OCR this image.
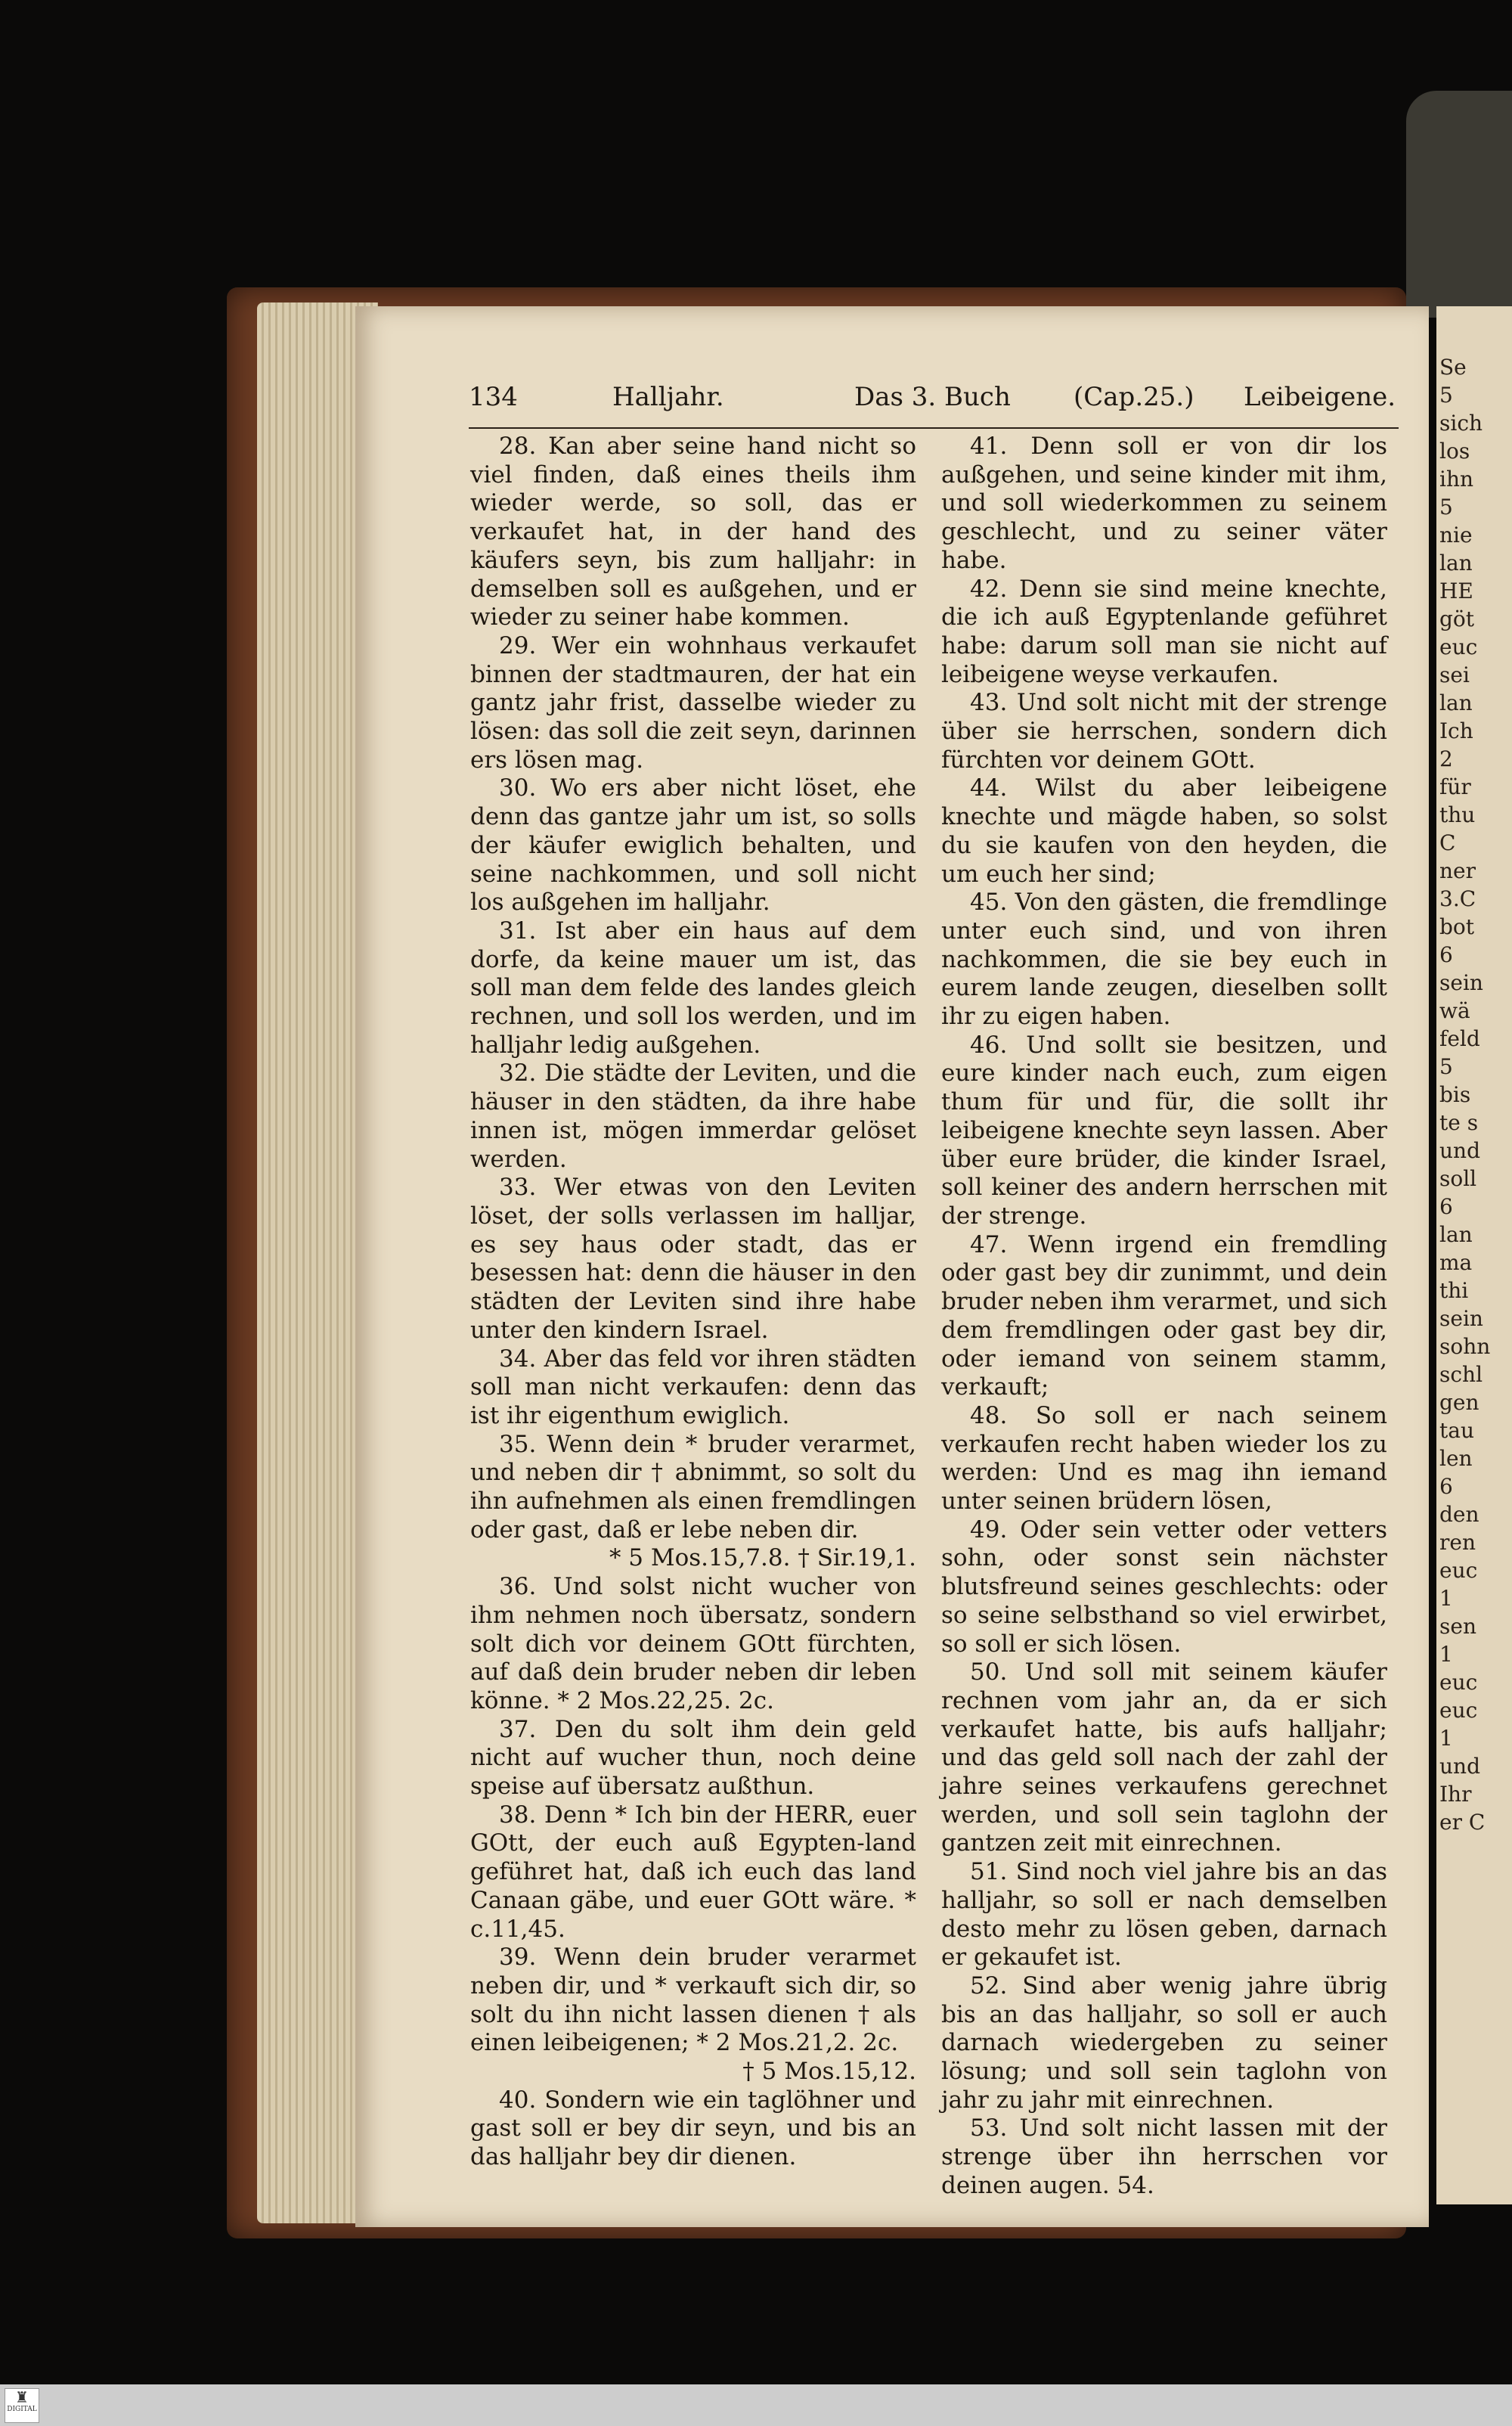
Se
5
sich
los
ihn
5
nie
lan
HE
göt
euc
sei
lan
Ich
2
für
thu
C
ner
3.C
bot
6
sein
wä
feld
5
bis
te s
und
soll
6
lan
ma
thi
sein
sohn
schl
gen
tau
len
6
den
ren
euc
1
sen
1
euc
euc
1
und
Ihr
er C
134	Halljahr.	Das 3. Buch (Cap.25.) Leibeigene.

28. Kan aber seine hand nicht so viel finden, daß eines theils ihm wieder werde, so soll, das er verkaufet hat, in der hand des käufers seyn, bis zum halljahr: in demselben soll es außgehen, und er wieder zu seiner habe kommen.

29. Wer ein wohnhaus verkaufet binnen der stadtmauren, der hat ein gantz jahr frist, dasselbe wieder zu lösen: das soll die zeit seyn, darinnen ers lösen mag.

30. Wo ers aber nicht löset, ehe denn das gantze jahr um ist, so solls der käufer ewiglich behalten, und seine nachkommen, und soll nicht los außgehen im halljahr.

31. Ist aber ein haus auf dem dorfe, da keine mauer um ist, das soll man dem felde des landes gleich rechnen, und soll los werden, und im halljahr ledig außgehen.

32. Die städte der Leviten, und die häuser in den städten, da ihre habe innen ist, mögen immerdar gelöset werden.

33. Wer etwas von den Leviten löset, der solls verlassen im halljar, es sey haus oder stadt, das er besessen hat: denn die häuser in den städten der Leviten sind ihre habe unter den kindern Israel.

34. Aber das feld vor ihren städten soll man nicht verkaufen: denn das ist ihr eigenthum ewiglich.

35. Wenn dein * bruder verarmet, und neben dir † abnimmt, so solt du ihn aufnehmen als einen fremdlingen oder gast, daß er lebe neben dir.

* 5 Mos.15,7.8. † Sir.19,1.

36. Und solst nicht wucher von ihm nehmen noch übersatz, sondern solt dich vor deinem GOtt fürchten, auf daß dein bruder neben dir leben könne. * 2 Mos.22,25. 2c.

37. Den du solt ihm dein geld nicht auf wucher thun, noch deine speise auf übersatz außthun.

38. Denn * Ich bin der HERR, euer GOtt, der euch auß Egypten-land geführet hat, daß ich euch das land Canaan gäbe, und euer GOtt wäre. * c.11,45.

39. Wenn dein bruder verarmet neben dir, und * verkauft sich dir, so solt du ihn nicht lassen dienen † als einen leibeigenen; * 2 Mos.21,2. 2c.

† 5 Mos.15,12.

40. Sondern wie ein taglöhner und gast soll er bey dir seyn, und bis an das halljahr bey dir dienen.

41. Denn soll er von dir los außgehen, und seine kinder mit ihm, und soll wiederkommen zu seinem geschlecht, und zu seiner väter habe.

42. Denn sie sind meine knechte, die ich auß Egyptenlande geführet habe: darum soll man sie nicht auf leibeigene weyse verkaufen.

43. Und solt nicht mit der strenge über sie herrschen, sondern dich fürchten vor deinem GOtt.

44. Wilst du aber leibeigene knechte und mägde haben, so solst du sie kaufen von den heyden, die um euch her sind;

45. Von den gästen, die fremdlinge unter euch sind, und von ihren nachkommen, die sie bey euch in eurem lande zeugen, dieselben sollt ihr zu eigen haben.

46. Und sollt sie besitzen, und eure kinder nach euch, zum eigen thum für und für, die sollt ihr leibeigene knechte seyn lassen. Aber über eure brüder, die kinder Israel, soll keiner des andern herrschen mit der strenge.

47. Wenn irgend ein fremdling oder gast bey dir zunimmt, und dein bruder neben ihm verarmet, und sich dem fremdlingen oder gast bey dir, oder iemand von seinem stamm, verkauft;

48. So soll er nach seinem verkaufen recht haben wieder los zu werden: Und es mag ihn iemand unter seinen brüdern lösen,

49. Oder sein vetter oder vetters sohn, oder sonst sein nächster blutsfreund seines geschlechts: oder so seine selbsthand so viel erwirbet, so soll er sich lösen.

50. Und soll mit seinem käufer rechnen vom jahr an, da er sich verkaufet hatte, bis aufs halljahr; und das geld soll nach der zahl der jahre seines verkaufens gerechnet werden, und soll sein taglohn der gantzen zeit mit einrechnen.

51. Sind noch viel jahre bis an das halljahr, so soll er nach demselben desto mehr zu lösen geben, darnach er gekaufet ist.

52. Sind aber wenig jahre übrig bis an das halljahr, so soll er auch darnach wiedergeben zu seiner lösung; und soll sein taglohn von jahr zu jahr mit einrechnen.

53. Und solt nicht lassen mit der strenge über ihn herrschen vor deinen augen. 54.

♜
DIGITAL
